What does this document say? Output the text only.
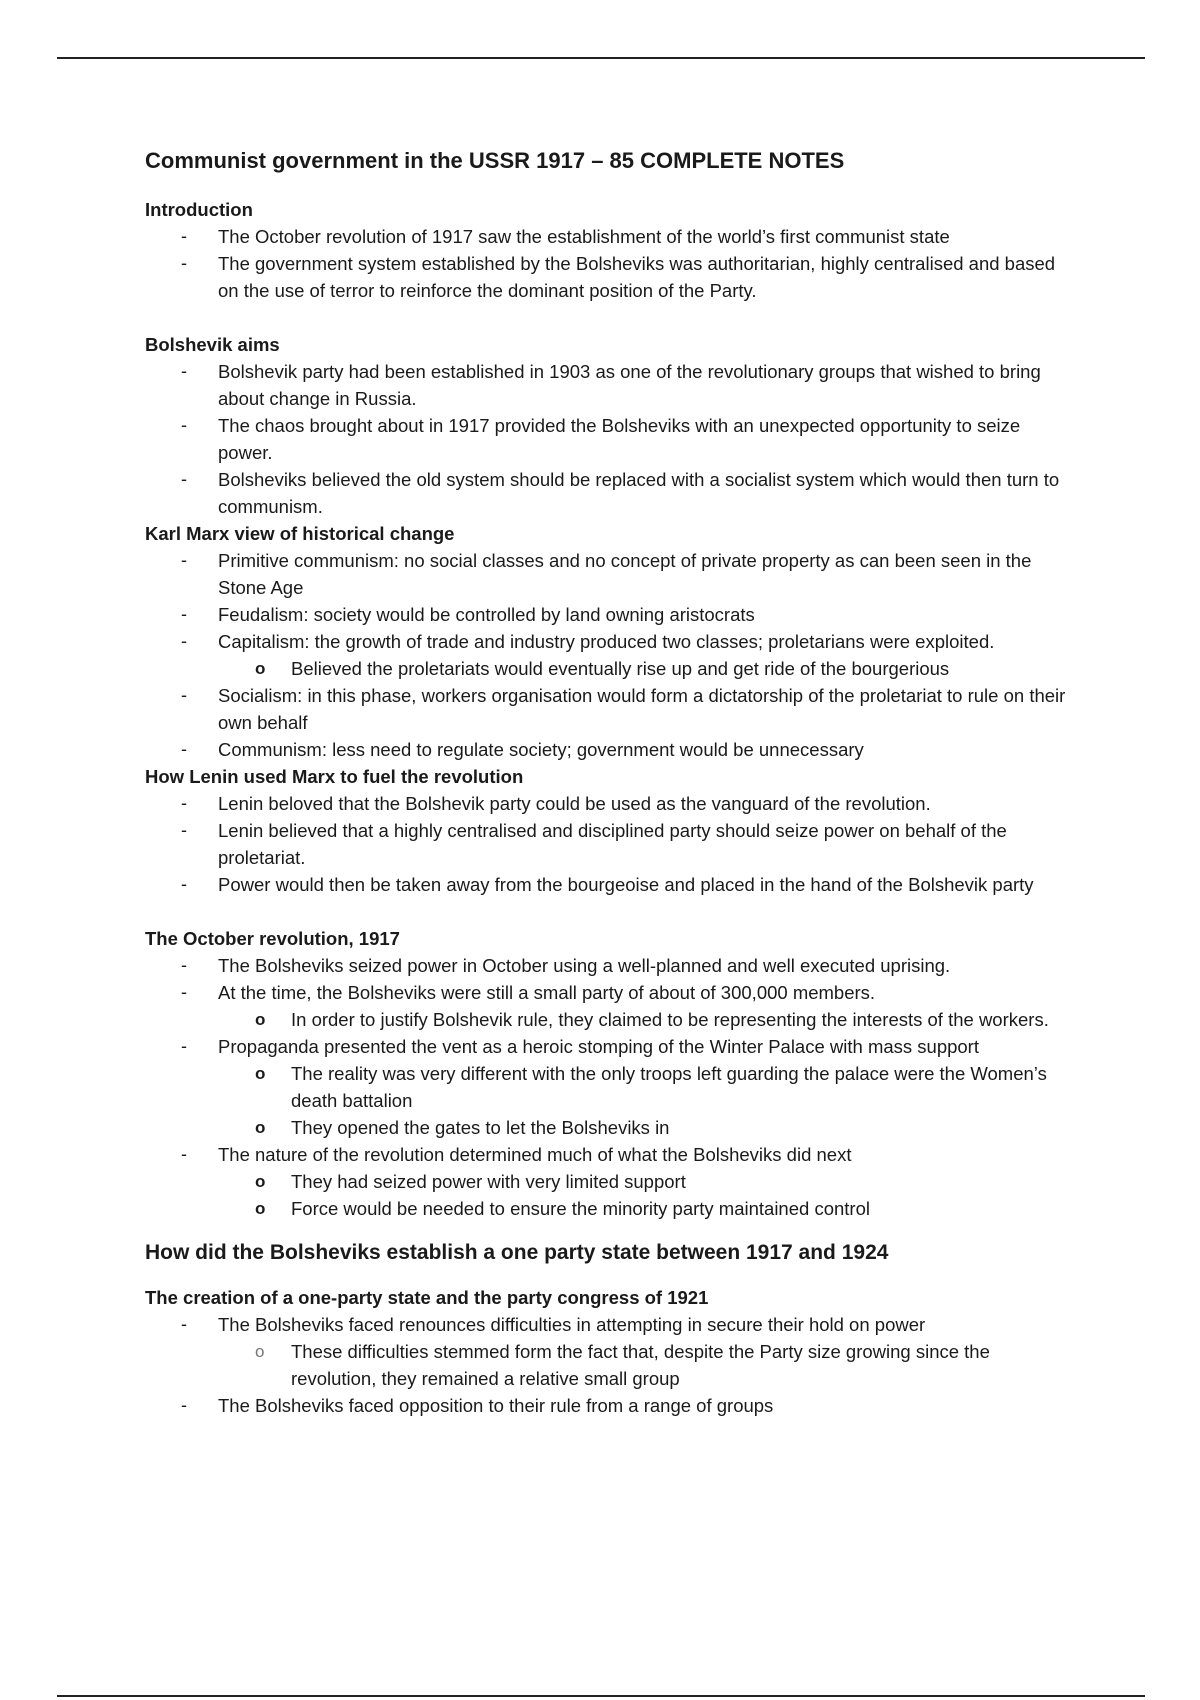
Communist government in the USSR 1917 – 85 COMPLETE NOTES
Introduction
- The October revolution of 1917 saw the establishment of the world’s first communist state
- The government system established by the Bolsheviks was authoritarian, highly centralised and based on the use of terror to reinforce the dominant position of the Party.
Bolshevik aims
- Bolshevik party had been established in 1903 as one of the revolutionary groups that wished to bring about change in Russia.
- The chaos brought about in 1917 provided the Bolsheviks with an unexpected opportunity to seize power.
- Bolsheviks believed the old system should be replaced with a socialist system which would then turn to communism.
Karl Marx view of historical change
- Primitive communism: no social classes and no concept of private property as can been seen in the Stone Age
- Feudalism: society would be controlled by land owning aristocrats
- Capitalism: the growth of trade and industry produced two classes; proletarians were exploited.
o Believed the proletariats would eventually rise up and get ride of the bourgerious
- Socialism: in this phase, workers organisation would form a dictatorship of the proletariat to rule on their own behalf
- Communism: less need to regulate society; government would be unnecessary
How Lenin used Marx to fuel the revolution
- Lenin beloved that the Bolshevik party could be used as the vanguard of the revolution.
- Lenin believed that a highly centralised and disciplined party should seize power on behalf of the proletariat.
- Power would then be taken away from the bourgeoise and placed in the hand of the Bolshevik party
The October revolution, 1917
- The Bolsheviks seized power in October using a well-planned and well executed uprising.
- At the time, the Bolsheviks were still a small party of about of 300,000 members.
o In order to justify Bolshevik rule, they claimed to be representing the interests of the workers.
- Propaganda presented the vent as a heroic stomping of the Winter Palace with mass support
o The reality was very different with the only troops left guarding the palace were the Women’s death battalion
o They opened the gates to let the Bolsheviks in
- The nature of the revolution determined much of what the Bolsheviks did next
o They had seized power with very limited support
o Force would be needed to ensure the minority party maintained control
How did the Bolsheviks establish a one party state between 1917 and 1924
The creation of a one-party state and the party congress of 1921
- The Bolsheviks faced renounces difficulties in attempting in secure their hold on power
o These difficulties stemmed form the fact that, despite the Party size growing since the revolution, they remained a relative small group
- The Bolsheviks faced opposition to their rule from a range of groups
